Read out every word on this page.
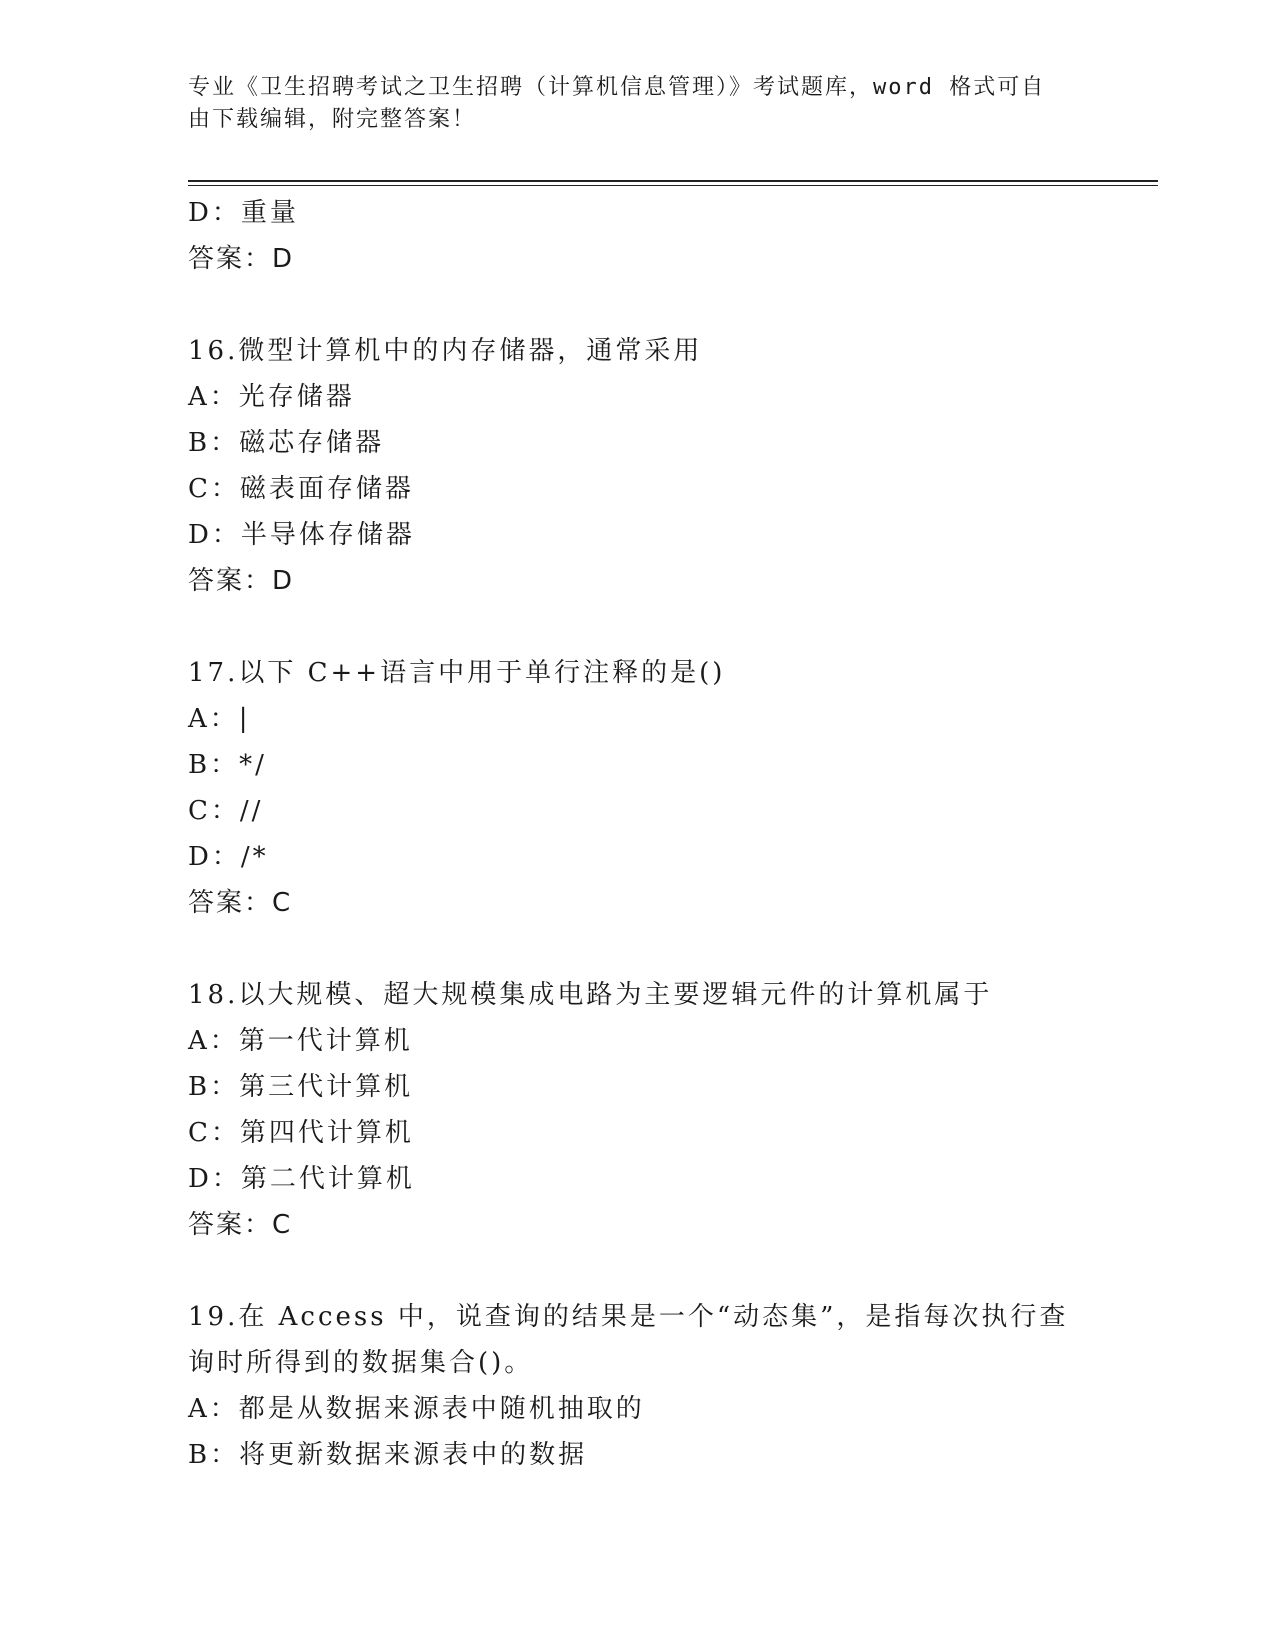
专业《卫生招聘考试之卫生招聘（计算机信息管理）》考试题库，word 格式可自
由下载编辑，附完整答案！
D：重量
答案：D
16.微型计算机中的内存储器，通常采用
A：光存储器
B：磁芯存储器
C：磁表面存储器
D：半导体存储器
答案：D
17.以下 C++语言中用于单行注释的是()
A：|
B：*/
C：//
D：/*
答案：C
18.以大规模、超大规模集成电路为主要逻辑元件的计算机属于
A：第一代计算机
B：第三代计算机
C：第四代计算机
D：第二代计算机
答案：C
19.在 Access 中，说查询的结果是一个“动态集”，是指每次执行查
询时所得到的数据集合()。
A：都是从数据来源表中随机抽取的
B：将更新数据来源表中的数据
